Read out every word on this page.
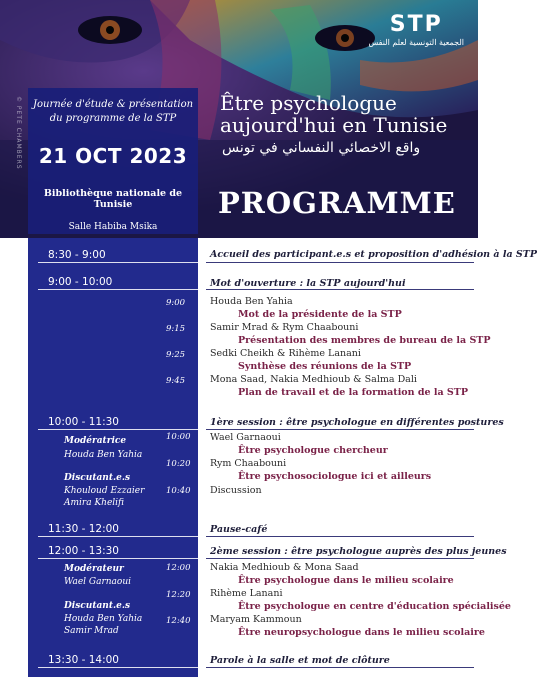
STP
الجمعية التونسية لعلم النفس
© PETE CHAMBERS	Journée d'étude & présentation
du programme de la STP
21 OCT 2023
Bibliothèque nationale de Tunisie
Salle Habiba Msika
Être psychologue
aujourd'hui en Tunisie
واقع الاخصائي النفساني في تونس
PROGRAMME
8:30 - 9:00
9:00 - 10:00
9:00
9:15
9:25
9:45
10:00 - 11:30
Modératrice
Houda Ben Yahia
10:00
10:20
Discutant.e.s
Khouloud Ezzaier
Amira Khelifi
10:40
11:30 - 12:00
12:00 - 13:30
Modérateur
Wael Garnaoui
12:00
12:20
Discutant.e.s
Houda Ben Yahia
Samir Mrad
12:40
13:30 - 14:00
Accueil des participant.e.s et proposition d'adhésion à la STP
Mot d'ouverture : la STP aujourd'hui
Houda Ben Yahia
Mot de la présidente de la STP
Samir Mrad & Rym Chaabouni
Présentation des membres de bureau de la STP
Sedki Cheikh & Rihème Lanani
Synthèse des réunions de la STP
Mona Saad, Nakia Medhioub & Salma Dali
Plan de travail et de la formation de la STP
1ère session : être psychologue en différentes postures
Wael Garnaoui
Être psychologue chercheur
Rym Chaabouni
Être psychosociologue ici et ailleurs
Discussion
Pause-café
2ème session : être psychologue auprès des plus jeunes
Nakia Medhioub & Mona Saad
Être psychologue dans le milieu scolaire
Rihème Lanani
Être psychologue en centre d'éducation spécialisée
Maryam Kammoun
Être neuropsychologue dans le milieu scolaire
Parole à la salle et mot de clôture
